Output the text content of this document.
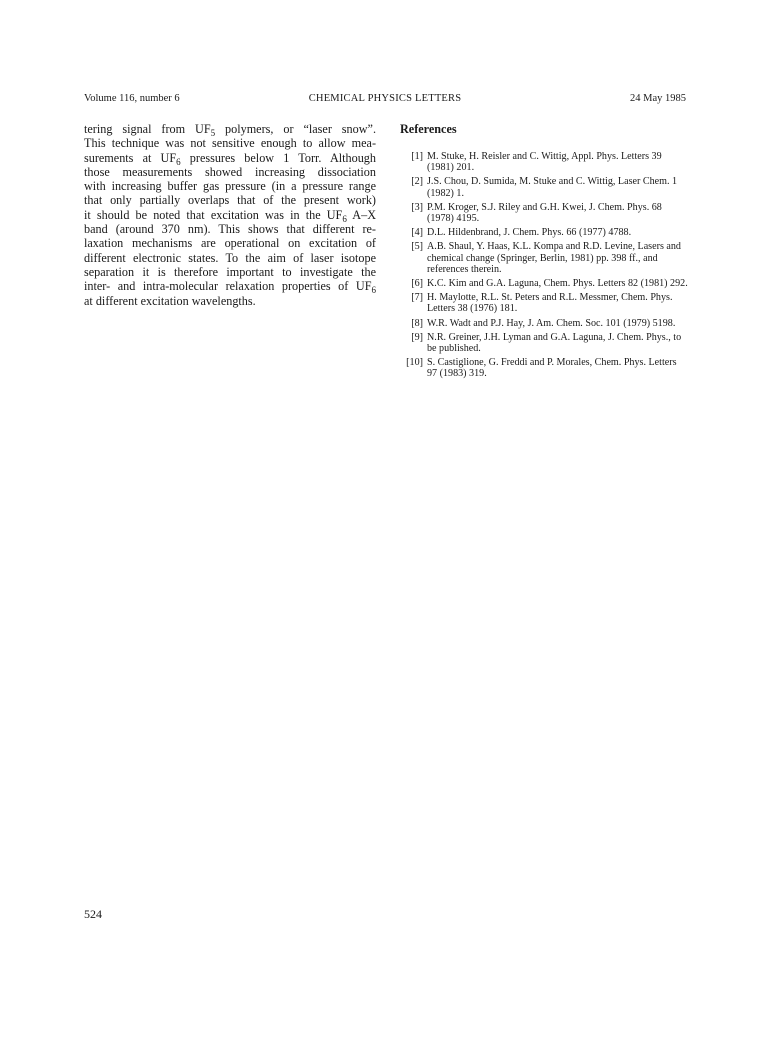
Volume 116, number 6	CHEMICAL PHYSICS LETTERS	24 May 1985

tering signal from $UF_5$ polymers, or “laser snow”.
This technique was not sensitive enough to allow mea-
surements at $UF_6$ pressures below 1 Torr. Although
those measurements showed increasing dissociation
with increasing buffer gas pressure (in a pressure range
that only partially overlaps that of the present work)
it should be noted that excitation was in the $UF_6$ A–X
band (around 370 nm). This shows that different re-
laxation mechanisms are operational on excitation of
different electronic states. To the aim of laser isotope
separation it is therefore important to investigate the
inter- and intra-molecular relaxation properties of $UF_6$
at different excitation wavelengths.

References
[1] M. Stuke, H. Reisler and C. Wittig, Appl. Phys. Letters 39 (1981) 201.
[2] J.S. Chou, D. Sumida, M. Stuke and C. Wittig, Laser Chem. 1 (1982) 1.
[3] P.M. Kroger, S.J. Riley and G.H. Kwei, J. Chem. Phys. 68 (1978) 4195.
[4] D.L. Hildenbrand, J. Chem. Phys. 66 (1977) 4788.
[5] A.B. Shaul, Y. Haas, K.L. Kompa and R.D. Levine, Lasers and chemical change (Springer, Berlin, 1981) pp. 398 ff., and references therein.
[6] K.C. Kim and G.A. Laguna, Chem. Phys. Letters 82 (1981) 292.
[7] H. Maylotte, R.L. St. Peters and R.L. Messmer, Chem. Phys. Letters 38 (1976) 181.
[8] W.R. Wadt and P.J. Hay, J. Am. Chem. Soc. 101 (1979) 5198.
[9] N.R. Greiner, J.H. Lyman and G.A. Laguna, J. Chem. Phys., to be published.
[10] S. Castiglione, G. Freddi and P. Morales, Chem. Phys. Letters 97 (1983) 319.
524
